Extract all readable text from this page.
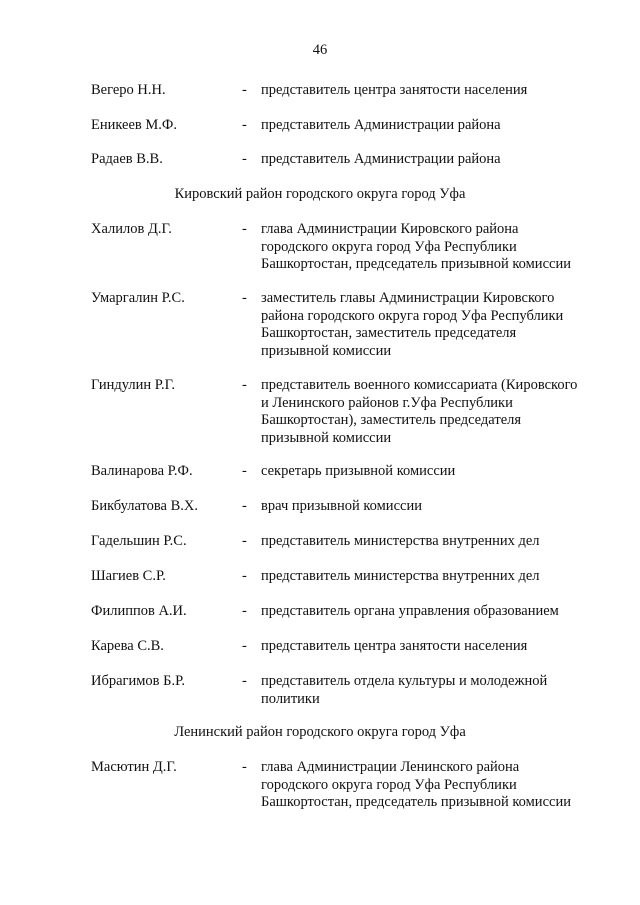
46
Вегеро Н.Н.	- представитель центра занятости населения
Еникеев М.Ф.	- представитель Администрации района
Радаев В.В.	- представитель Администрации района
Кировский район городского округа город Уфа
Халилов Д.Г.	- глава Администрации Кировского района
городского округа город Уфа Республики
Башкортостан, председатель призывной комиссии
Умаргалин Р.С.	- заместитель главы Администрации Кировского
района городского округа город Уфа Республики
Башкортостан, заместитель председателя
призывной комиссии
Гиндулин Р.Г.	- представитель военного комиссариата (Кировского
и Ленинского районов г.Уфа Республики
Башкортостан), заместитель председателя
призывной комиссии
Валинарова Р.Ф.	- секретарь призывной комиссии
Бикбулатова В.Х.	- врач призывной комиссии
Гадельшин Р.С.	- представитель министерства внутренних дел
Шагиев С.Р.	- представитель министерства внутренних дел
Филиппов А.И.	- представитель органа управления образованием
Карева С.В.	- представитель центра занятости населения
Ибрагимов Б.Р.	- представитель отдела культуры и молодежной
политики
Ленинский район городского округа город Уфа
Масютин Д.Г.	- глава Администрации Ленинского района
городского округа город Уфа Республики
Башкортостан, председатель призывной комиссии
